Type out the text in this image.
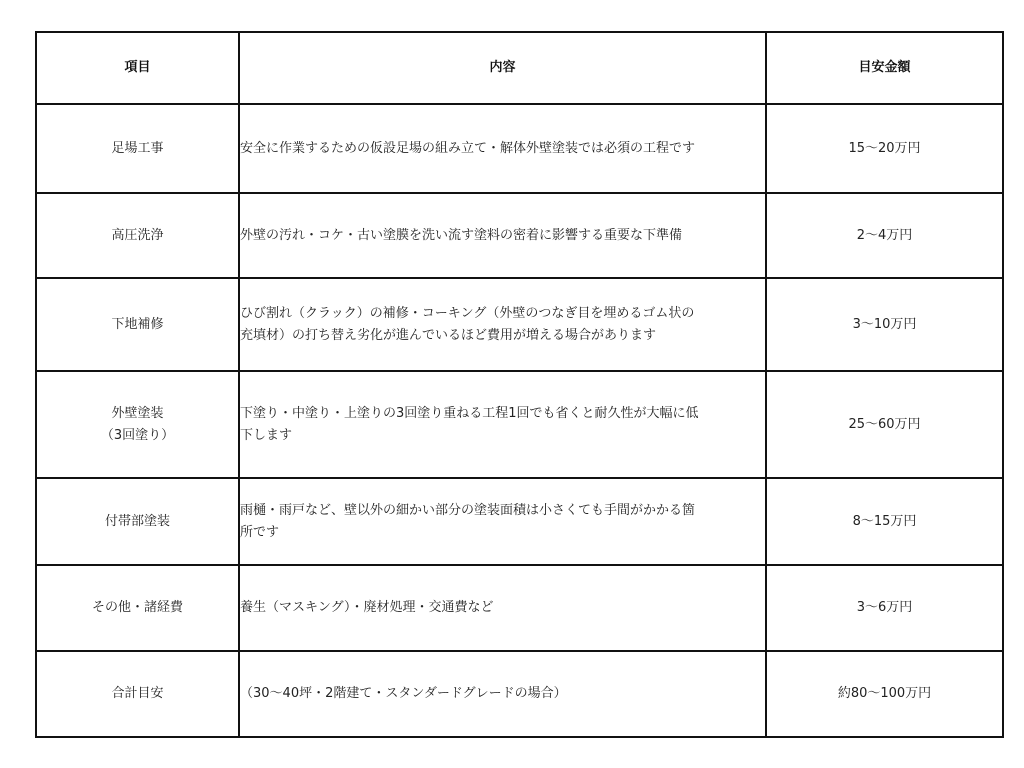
項目	内容	目安金額

足場工事	安全に作業するための仮設足場の組み立て・解体外壁塗装では必須の工程です	15〜20万円

高圧洗浄	外壁の汚れ・コケ・古い塗膜を洗い流す塗料の密着に影響する重要な下準備	2〜4万円

下地補修	ひび割れ（クラック）の補修・コーキング（外壁のつなぎ目を埋めるゴム状の
充填材）の打ち替え劣化が進んでいるほど費用が増える場合があります	3〜10万円

外壁塗装
（3回塗り）	下塗り・中塗り・上塗りの3回塗り重ねる工程1回でも省くと耐久性が大幅に低
下します	25〜60万円

付帯部塗装	雨樋・雨戸など、壁以外の細かい部分の塗装面積は小さくても手間がかかる箇
所です	8〜15万円

その他・諸経費	養生（マスキング）・廃材処理・交通費など	3〜6万円

合計目安	（30〜40坪・2階建て・スタンダードグレードの場合）	約80〜100万円
